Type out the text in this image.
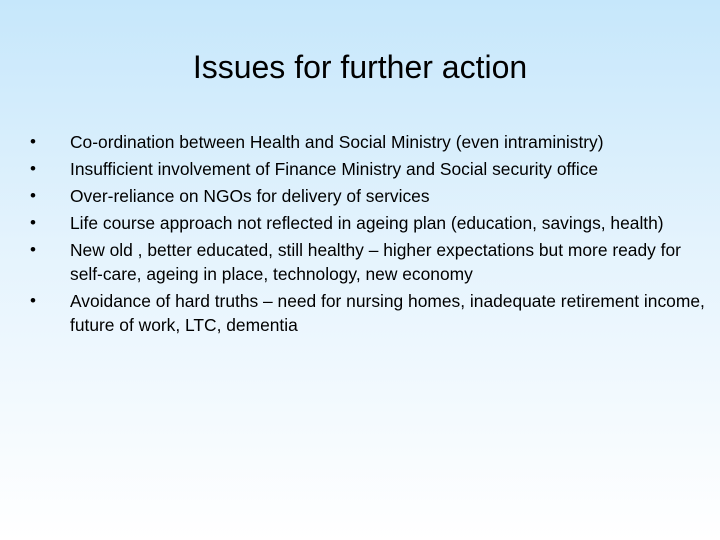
Issues for further action
• Co-ordination between Health and Social Ministry (even intraministry)
• Insufficient involvement of Finance Ministry and Social security office
• Over-reliance on NGOs for delivery of services
• Life course approach not reflected in ageing plan (education, savings, health)
• New old , better educated, still healthy – higher expectations but more ready for self-care, ageing in place, technology, new economy
• Avoidance of hard truths – need for nursing homes, inadequate retirement income, future of work, LTC, dementia
